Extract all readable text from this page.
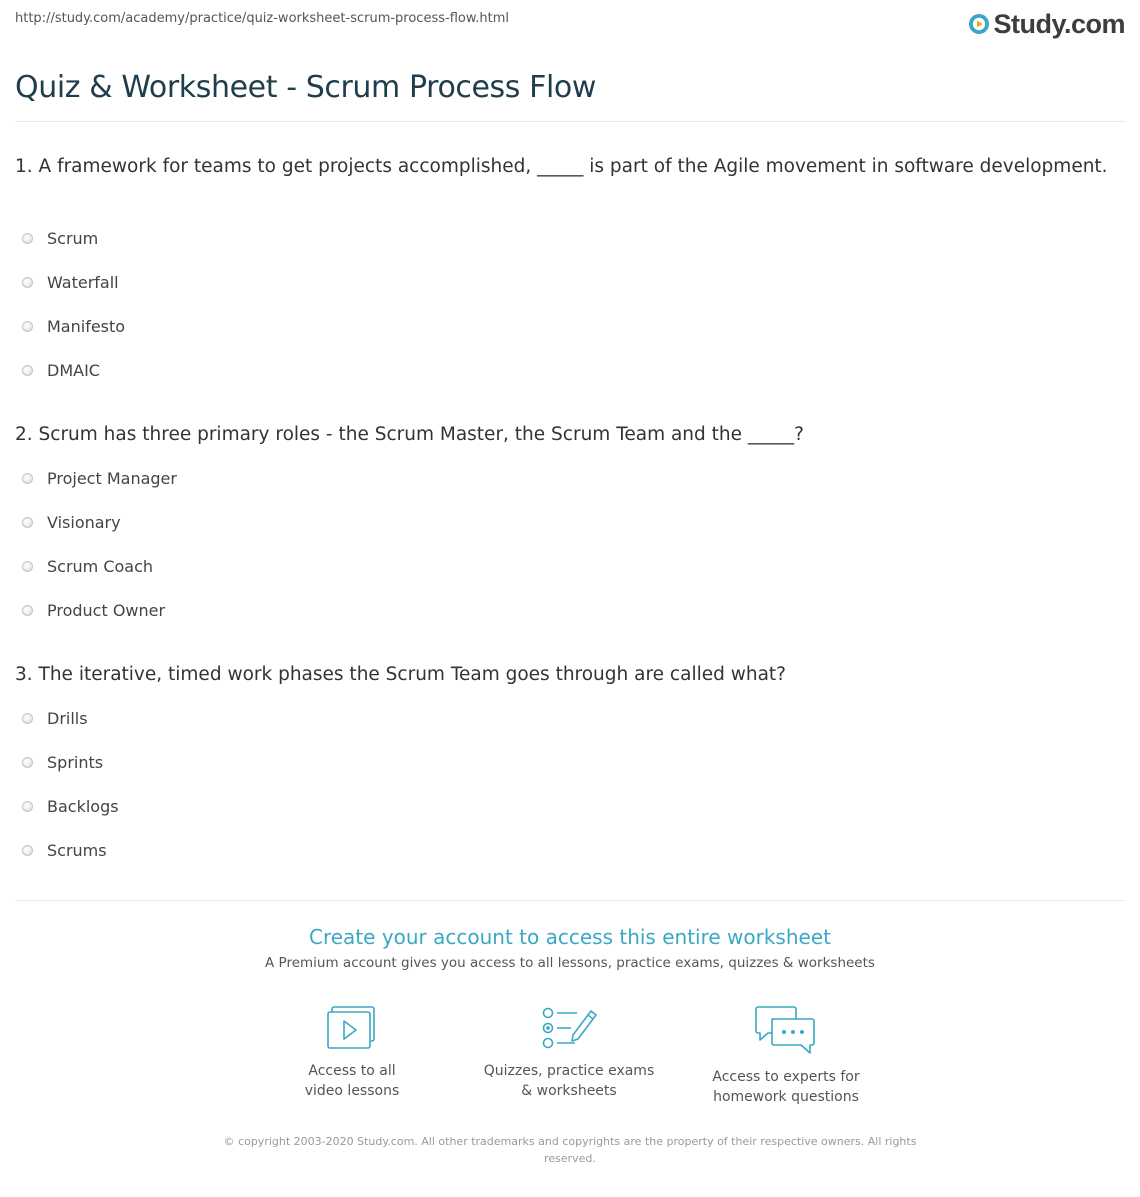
http://study.com/academy/practice/quiz-worksheet-scrum-process-flow.html	Study.com
Quiz & Worksheet - Scrum Process Flow
1. A framework for teams to get projects accomplished, _____ is part of the Agile movement in software development.
Scrum
Waterfall
Manifesto
DMAIC
2. Scrum has three primary roles - the Scrum Master, the Scrum Team and the _____?
Project Manager
Visionary
Scrum Coach
Product Owner
3. The iterative, timed work phases the Scrum Team goes through are called what?
Drills
Sprints
Backlogs
Scrums
Create your account to access this entire worksheet
A Premium account gives you access to all lessons, practice exams, quizzes & worksheets
Access to all
video lessons
Quizzes, practice exams
& worksheets
Access to experts for
homework questions
© copyright 2003-2020 Study.com. All other trademarks and copyrights are the property of their respective owners. All rights
reserved.
